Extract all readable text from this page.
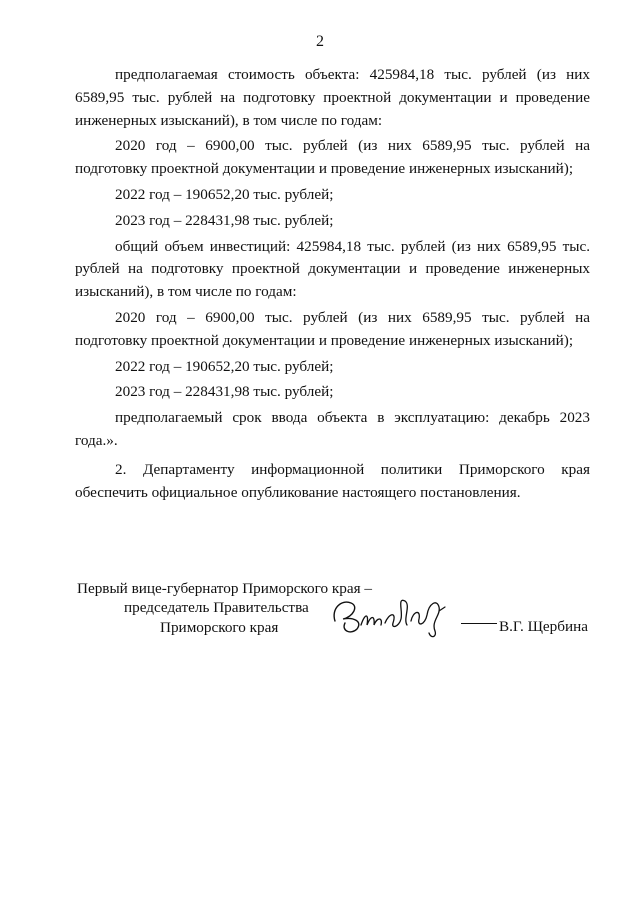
2

предполагаемая стоимость объекта: 425984,18 тыс. рублей (из них 6589,95 тыс. рублей на подготовку проектной документации и проведение инженерных изысканий), в том числе по годам:

2020 год – 6900,00 тыс. рублей (из них 6589,95 тыс. рублей на подготовку проектной документации и проведение инженерных изысканий);

2022 год – 190652,20 тыс. рублей;

2023 год – 228431,98 тыс. рублей;

общий объем инвестиций: 425984,18 тыс. рублей (из них 6589,95 тыс. рублей на подготовку проектной документации и проведение инженерных изысканий), в том числе по годам:

2020 год – 6900,00 тыс. рублей (из них 6589,95 тыс. рублей на подготовку проектной документации и проведение инженерных изысканий);

2022 год – 190652,20 тыс. рублей;

2023 год – 228431,98 тыс. рублей;

предполагаемый срок ввода объекта в эксплуатацию: декабрь 2023 года.».

2. Департаменту информационной политики Приморского края обеспечить официальное опубликование настоящего постановления.

Первый вице-губернатор Приморского края –
председатель Правительства
Приморского края	В.Г. Щербина
